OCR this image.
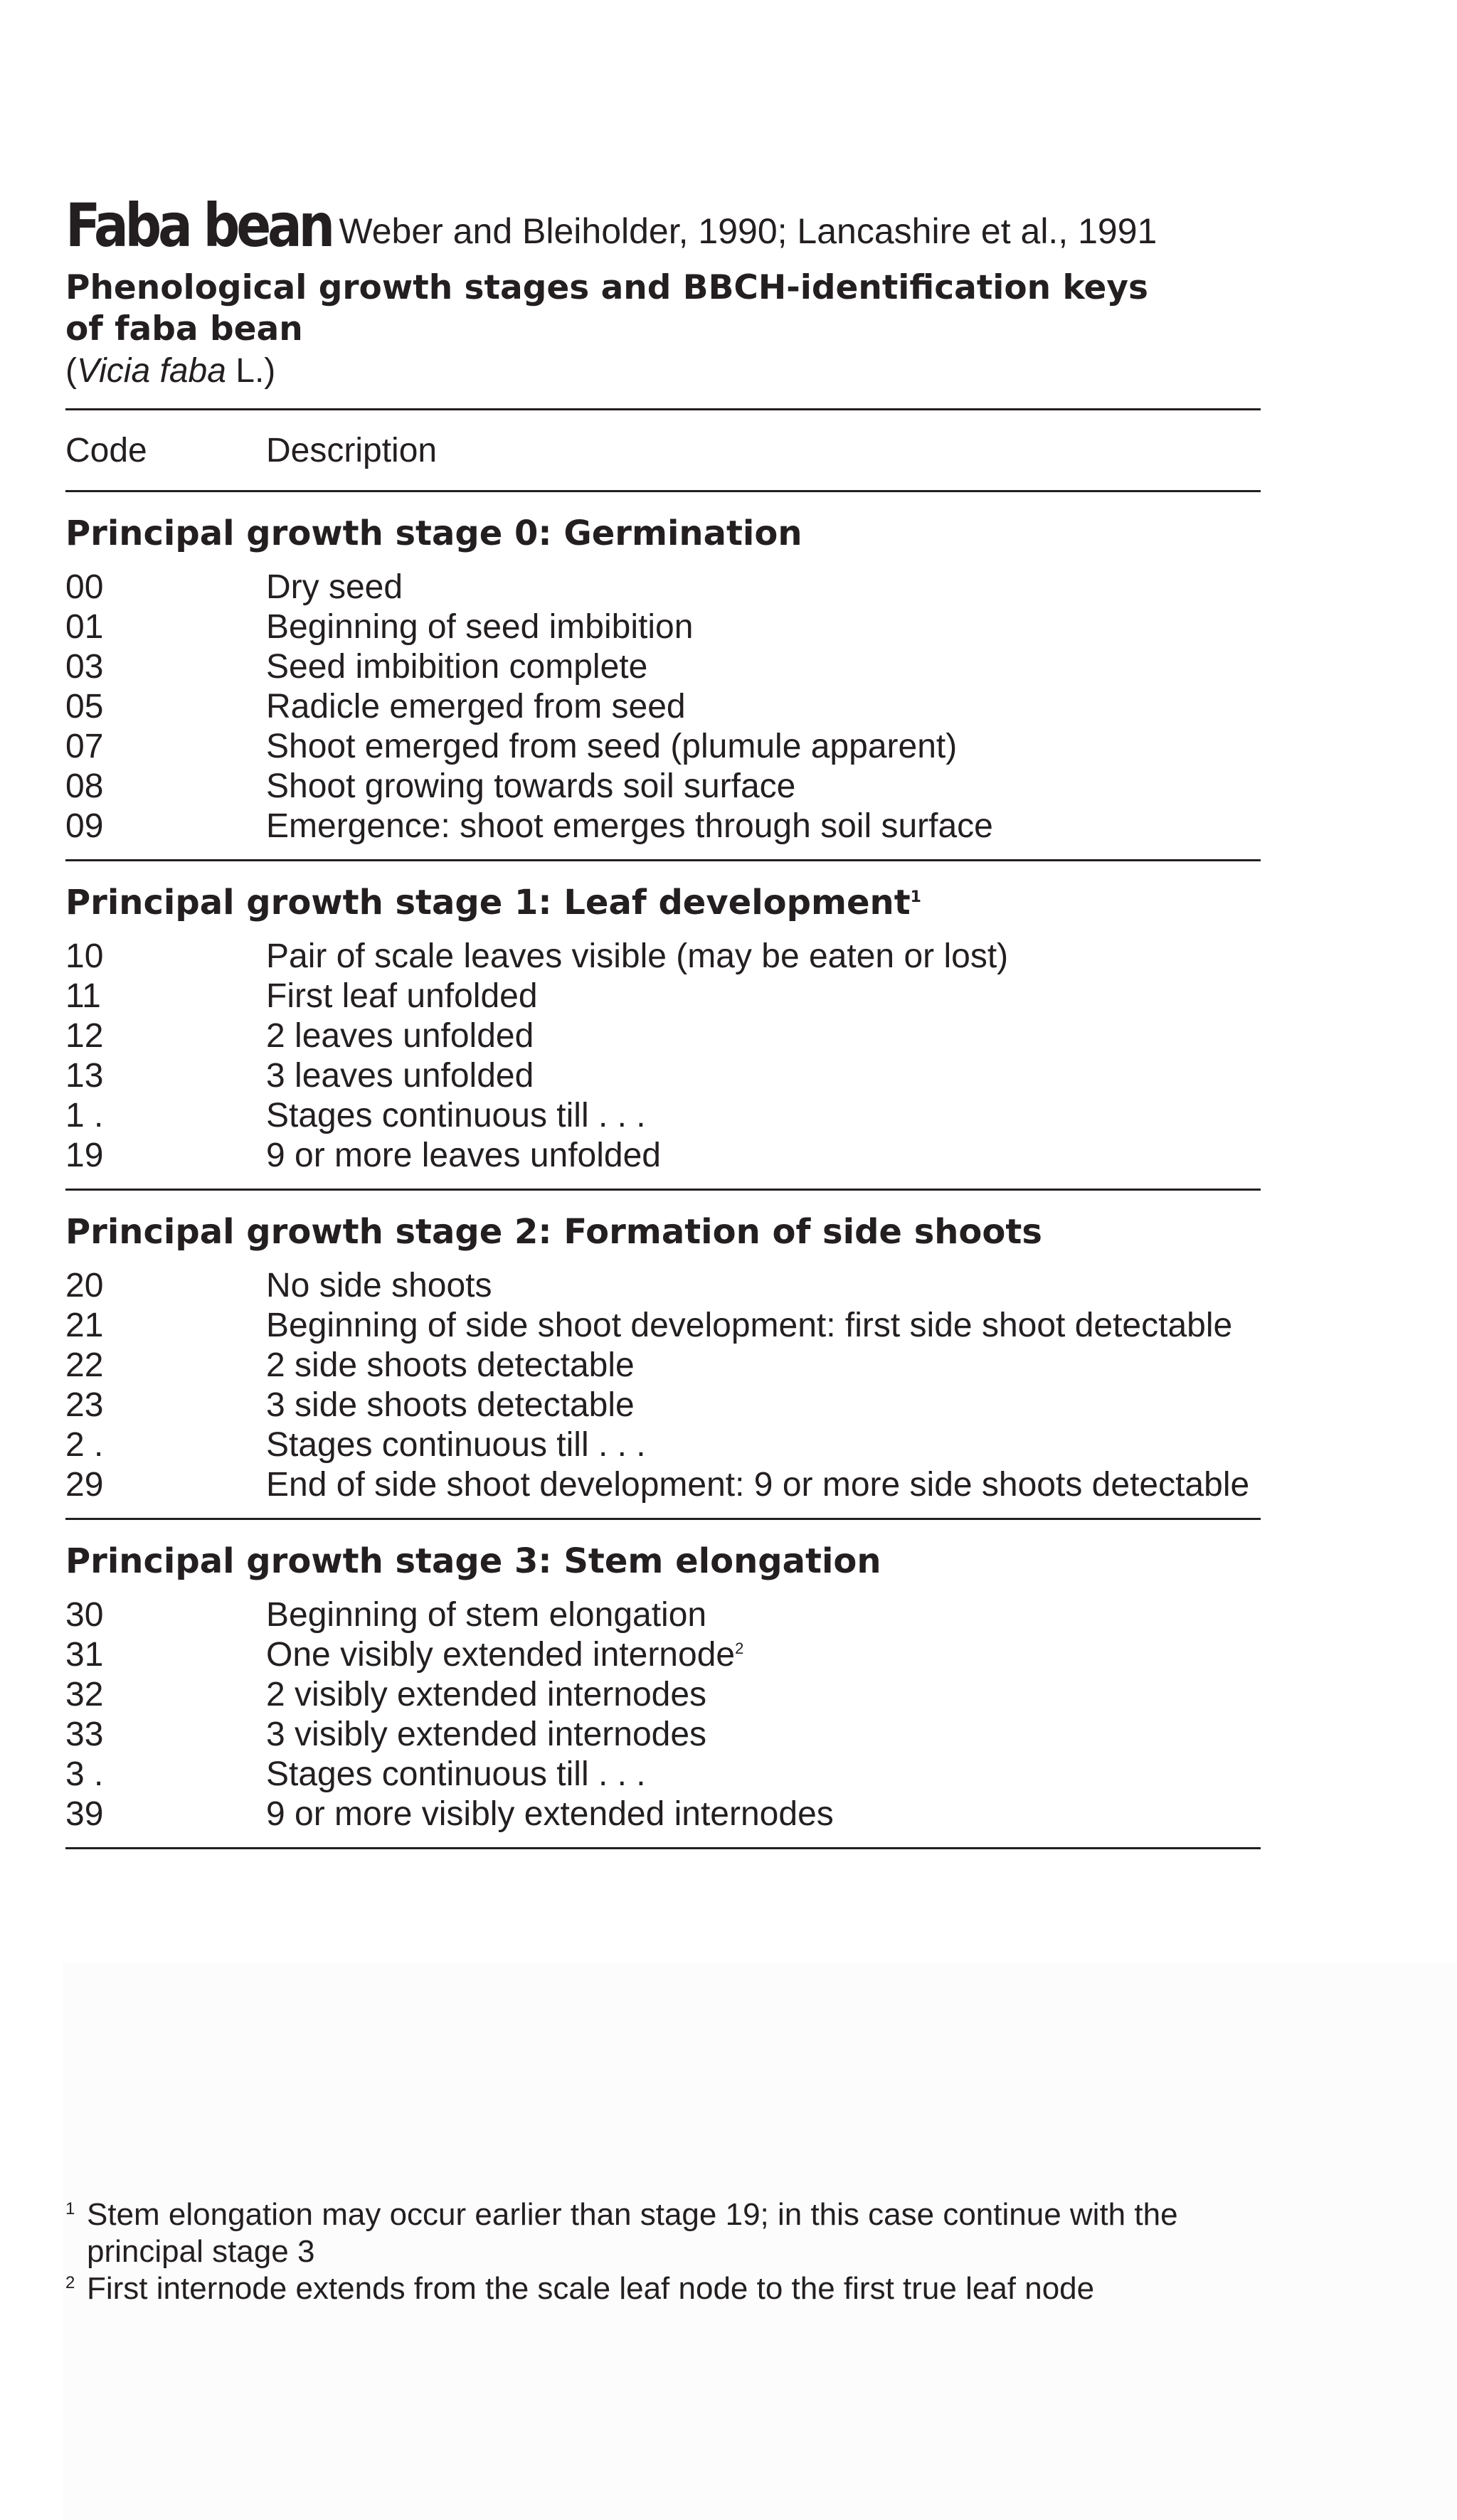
Faba bean Weber and Bleiholder, 1990; Lancashire et al., 1991
Phenological growth stages and BBCH-identification keys
of faba bean
(Vicia faba L.)
Code	Description
Principal growth stage 0: Germination
00	Dry seed
01	Beginning of seed imbibition
03	Seed imbibition complete
05	Radicle emerged from seed
07	Shoot emerged from seed (plumule apparent)
08	Shoot growing towards soil surface
09	Emergence: shoot emerges through soil surface
Principal growth stage 1: Leaf development$^1$
10	Pair of scale leaves visible (may be eaten or lost)
11	First leaf unfolded
12	2 leaves unfolded
13	3 leaves unfolded
1 .	Stages continuous till . . .
19	9 or more leaves unfolded
Principal growth stage 2: Formation of side shoots
20	No side shoots
21	Beginning of side shoot development: first side shoot detectable
22	2 side shoots detectable
23	3 side shoots detectable
2 .	Stages continuous till . . .
29	End of side shoot development: 9 or more side shoots detectable
Principal growth stage 3: Stem elongation
30	Beginning of stem elongation
31	One visibly extended internode$^2$
32	2 visibly extended internodes
33	3 visibly extended internodes
3 .	Stages continuous till . . .
39	9 or more visibly extended internodes
1 Stem elongation may occur earlier than stage 19; in this case continue with the principal stage 3
2 First internode extends from the scale leaf node to the first true leaf node
